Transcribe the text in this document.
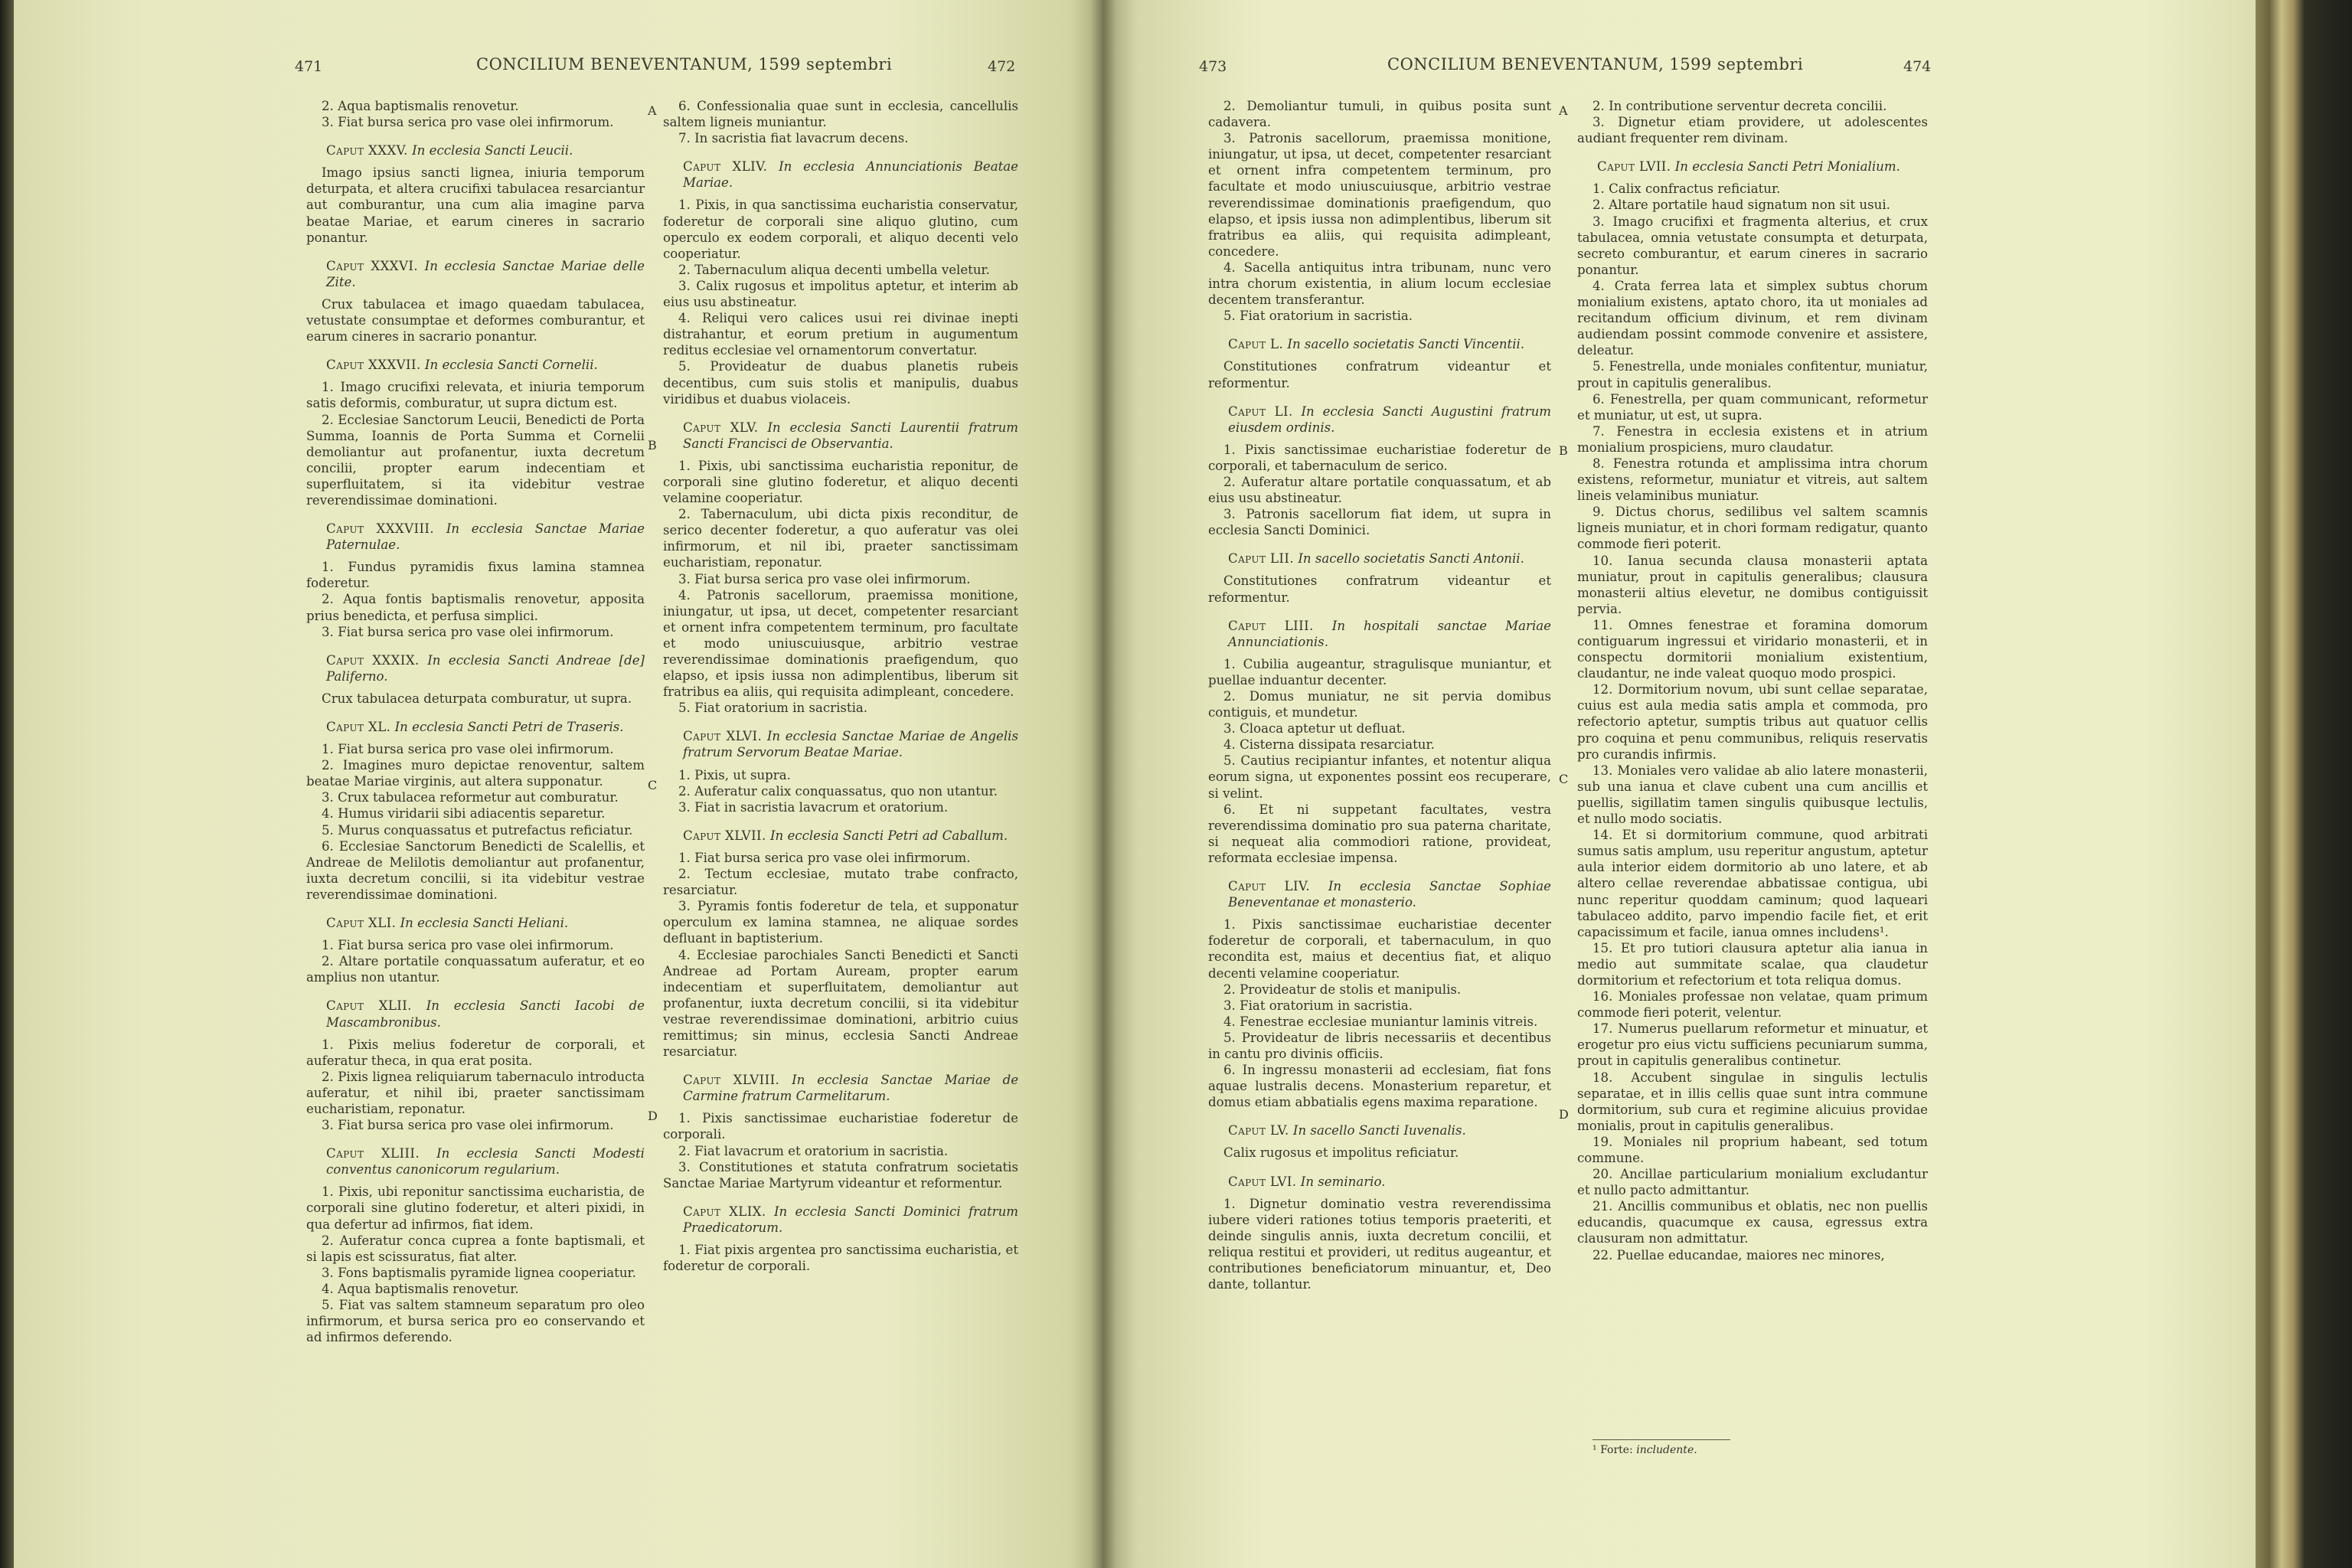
471	CONCILIUM BENEVENTANUM, 1599 septembri	472	473	CONCILIUM BENEVENTANUM, 1599 septembri	474
2. Aqua baptismalis renovetur.
3. Fiat bursa serica pro vase olei infirmorum.
Caput XXXV. In ecclesia Sancti Leucii.
Imago ipsius sancti lignea, iniuria temporum deturpata, et altera crucifixi tabulacea resarciantur aut comburantur, una cum alia imagine parva beatae Mariae, et earum cineres in sacrario ponantur.
Caput XXXVI. In ecclesia Sanctae Mariae delle Zite.
Crux tabulacea et imago quaedam tabulacea, vetustate consumptae et deformes comburantur, et earum cineres in sacrario ponantur.
Caput XXXVII. In ecclesia Sancti Cornelii.
1. Imago crucifixi relevata, et iniuria temporum satis deformis, comburatur, ut supra dictum est.
2. Ecclesiae Sanctorum Leucii, Benedicti de Porta Summa, Ioannis de Porta Summa et Cornelii demoliantur aut profanentur, iuxta decretum concilii, propter earum indecentiam et superfluitatem, si ita videbitur vestrae reverendissimae dominationi.
Caput XXXVIII. In ecclesia Sanctae Mariae Paternulae.
1. Fundus pyramidis fixus lamina stamnea foderetur.
2. Aqua fontis baptismalis renovetur, apposita prius benedicta, et perfusa simplici.
3. Fiat bursa serica pro vase olei infirmorum.
Caput XXXIX. In ecclesia Sancti Andreae [de] Paliferno.
Crux tabulacea deturpata comburatur, ut supra.
Caput XL. In ecclesia Sancti Petri de Traseris.
1. Fiat bursa serica pro vase olei infirmorum.
2. Imagines muro depictae renoventur, saltem beatae Mariae virginis, aut altera supponatur.
3. Crux tabulacea reformetur aut comburatur.
4. Humus viridarii sibi adiacentis separetur.
5. Murus conquassatus et putrefactus reficiatur.
6. Ecclesiae Sanctorum Benedicti de Scalellis, et Andreae de Melilotis demoliantur aut profanentur, iuxta decretum concilii, si ita videbitur vestrae reverendissimae dominationi.
Caput XLI. In ecclesia Sancti Heliani.
1. Fiat bursa serica pro vase olei infirmorum.
2. Altare portatile conquassatum auferatur, et eo amplius non utantur.
Caput XLII. In ecclesia Sancti Iacobi de Mascambronibus.
1. Pixis melius foderetur de corporali, et auferatur theca, in qua erat posita.
2. Pixis lignea reliquiarum tabernaculo introducta auferatur, et nihil ibi, praeter sanctissimam eucharistiam, reponatur.
3. Fiat bursa serica pro vase olei infirmorum.
Caput XLIII. In ecclesia Sancti Modesti conventus canonicorum regularium.
1. Pixis, ubi reponitur sanctissima eucharistia, de corporali sine glutino foderetur, et alteri pixidi, in qua defertur ad infirmos, fiat idem.
2. Auferatur conca cuprea a fonte baptismali, et si lapis est scissuratus, fiat alter.
3. Fons baptismalis pyramide lignea cooperiatur.
4. Aqua baptismalis renovetur.
5. Fiat vas saltem stamneum separatum pro oleo infirmorum, et bursa serica pro eo conservando et ad infirmos deferendo.
6. Confessionalia quae sunt in ecclesia, cancellulis saltem ligneis muniantur.
7. In sacristia fiat lavacrum decens.
Caput XLIV. In ecclesia Annunciationis Beatae Mariae.
1. Pixis, in qua sanctissima eucharistia conservatur, foderetur de corporali sine aliquo glutino, cum operculo ex eodem corporali, et aliquo decenti velo cooperiatur.
2. Tabernaculum aliqua decenti umbella veletur.
3. Calix rugosus et impolitus aptetur, et interim ab eius usu abstineatur.
4. Reliqui vero calices usui rei divinae inepti distrahantur, et eorum pretium in augumentum reditus ecclesiae vel ornamentorum convertatur.
5. Provideatur de duabus planetis rubeis decentibus, cum suis stolis et manipulis, duabus viridibus et duabus violaceis.
Caput XLV. In ecclesia Sancti Laurentii fratrum Sancti Francisci de Observantia.
1. Pixis, ubi sanctissima eucharistia reponitur, de corporali sine glutino foderetur, et aliquo decenti velamine cooperiatur.
2. Tabernaculum, ubi dicta pixis reconditur, de serico decenter foderetur, a quo auferatur vas olei infirmorum, et nil ibi, praeter sanctissimam eucharistiam, reponatur.
3. Fiat bursa serica pro vase olei infirmorum.
4. Patronis sacellorum, praemissa monitione, iniungatur, ut ipsa, ut decet, competenter resarciant et ornent infra competentem terminum, pro facultate et modo uniuscuiusque, arbitrio vestrae reverendissimae dominationis praefigendum, quo elapso, et ipsis iussa non adimplentibus, liberum sit fratribus ea aliis, qui requisita adimpleant, concedere.
5. Fiat oratorium in sacristia.
Caput XLVI. In ecclesia Sanctae Mariae de Angelis fratrum Servorum Beatae Mariae.
1. Pixis, ut supra.
2. Auferatur calix conquassatus, quo non utantur.
3. Fiat in sacristia lavacrum et oratorium.
Caput XLVII. In ecclesia Sancti Petri ad Caballum.
1. Fiat bursa serica pro vase olei infirmorum.
2. Tectum ecclesiae, mutato trabe confracto, resarciatur.
3. Pyramis fontis foderetur de tela, et supponatur operculum ex lamina stamnea, ne aliquae sordes defluant in baptisterium.
4. Ecclesiae parochiales Sancti Benedicti et Sancti Andreae ad Portam Auream, propter earum indecentiam et superfluitatem, demoliantur aut profanentur, iuxta decretum concilii, si ita videbitur vestrae reverendissimae dominationi, arbitrio cuius remittimus; sin minus, ecclesia Sancti Andreae resarciatur.
Caput XLVIII. In ecclesia Sanctae Mariae de Carmine fratrum Carmelitarum.
1. Pixis sanctissimae eucharistiae foderetur de corporali.
2. Fiat lavacrum et oratorium in sacristia.
3. Constitutiones et statuta confratrum societatis Sanctae Mariae Martyrum videantur et reformentur.
Caput XLIX. In ecclesia Sancti Dominici fratrum Praedicatorum.
1. Fiat pixis argentea pro sanctissima eucharistia, et foderetur de corporali.
2. Demoliantur tumuli, in quibus posita sunt cadavera.
3. Patronis sacellorum, praemissa monitione, iniungatur, ut ipsa, ut decet, competenter resarciant et ornent infra competentem terminum, pro facultate et modo uniuscuiusque, arbitrio vestrae reverendissimae dominationis praefigendum, quo elapso, et ipsis iussa non adimplentibus, liberum sit fratribus ea aliis, qui requisita adimpleant, concedere.
4. Sacella antiquitus intra tribunam, nunc vero intra chorum existentia, in alium locum ecclesiae decentem transferantur.
5. Fiat oratorium in sacristia.
Caput L. In sacello societatis Sancti Vincentii.
Constitutiones confratrum videantur et reformentur.
Caput LI. In ecclesia Sancti Augustini fratrum eiusdem ordinis.
1. Pixis sanctissimae eucharistiae foderetur de corporali, et tabernaculum de serico.
2. Auferatur altare portatile conquassatum, et ab eius usu abstineatur.
3. Patronis sacellorum fiat idem, ut supra in ecclesia Sancti Dominici.
Caput LII. In sacello societatis Sancti Antonii.
Constitutiones confratrum videantur et reformentur.
Caput LIII. In hospitali sanctae Mariae Annunciationis.
1. Cubilia augeantur, stragulisque muniantur, et puellae induantur decenter.
2. Domus muniatur, ne sit pervia domibus contiguis, et mundetur.
3. Cloaca aptetur ut defluat.
4. Cisterna dissipata resarciatur.
5. Cautius recipiantur infantes, et notentur aliqua eorum signa, ut exponentes possint eos recuperare, si velint.
6. Et ni suppetant facultates, vestra reverendissima dominatio pro sua paterna charitate, si nequeat alia commodiori ratione, provideat, reformata ecclesiae impensa.
Caput LIV. In ecclesia Sanctae Sophiae Beneventanae et monasterio.
1. Pixis sanctissimae eucharistiae decenter foderetur de corporali, et tabernaculum, in quo recondita est, maius et decentius fiat, et aliquo decenti velamine cooperiatur.
2. Provideatur de stolis et manipulis.
3. Fiat oratorium in sacristia.
4. Fenestrae ecclesiae muniantur laminis vitreis.
5. Provideatur de libris necessariis et decentibus in cantu pro divinis officiis.
6. In ingressu monasterii ad ecclesiam, fiat fons aquae lustralis decens. Monasterium reparetur, et domus etiam abbatialis egens maxima reparatione.
Caput LV. In sacello Sancti Iuvenalis.
Calix rugosus et impolitus reficiatur.
Caput LVI. In seminario.
1. Dignetur dominatio vestra reverendissima iubere videri rationes totius temporis praeteriti, et deinde singulis annis, iuxta decretum concilii, et reliqua restitui et provideri, ut reditus augeantur, et contributiones beneficiatorum minuantur, et, Deo dante, tollantur.
2. In contributione serventur decreta concilii.
3. Dignetur etiam providere, ut adolescentes audiant frequenter rem divinam.
Caput LVII. In ecclesia Sancti Petri Monialium.
1. Calix confractus reficiatur.
2. Altare portatile haud signatum non sit usui.
3. Imago crucifixi et fragmenta alterius, et crux tabulacea, omnia vetustate consumpta et deturpata, secreto comburantur, et earum cineres in sacrario ponantur.
4. Crata ferrea lata et simplex subtus chorum monialium existens, aptato choro, ita ut moniales ad recitandum officium divinum, et rem divinam audiendam possint commode convenire et assistere, deleatur.
5. Fenestrella, unde moniales confitentur, muniatur, prout in capitulis generalibus.
6. Fenestrella, per quam communicant, reformetur et muniatur, ut est, ut supra.
7. Fenestra in ecclesia existens et in atrium monialium prospiciens, muro claudatur.
8. Fenestra rotunda et amplissima intra chorum existens, reformetur, muniatur et vitreis, aut saltem lineis velaminibus muniatur.
9. Dictus chorus, sedilibus vel saltem scamnis ligneis muniatur, et in chori formam redigatur, quanto commode fieri poterit.
10. Ianua secunda clausa monasterii aptata muniatur, prout in capitulis generalibus; clausura monasterii altius elevetur, ne domibus contiguissit pervia.
11. Omnes fenestrae et foramina domorum contiguarum ingressui et viridario monasterii, et in conspectu dormitorii monialium existentium, claudantur, ne inde valeat quoquo modo prospici.
12. Dormitorium novum, ubi sunt cellae separatae, cuius est aula media satis ampla et commoda, pro refectorio aptetur, sumptis tribus aut quatuor cellis pro coquina et penu communibus, reliquis reservatis pro curandis infirmis.
13. Moniales vero validae ab alio latere monasterii, sub una ianua et clave cubent una cum ancillis et puellis, sigillatim tamen singulis quibusque lectulis, et nullo modo sociatis.
14. Et si dormitorium commune, quod arbitrati sumus satis amplum, usu reperitur angustum, aptetur aula interior eidem dormitorio ab uno latere, et ab altero cellae reverendae abbatissae contigua, ubi nunc reperitur quoddam caminum; quod laqueari tabulaceo addito, parvo impendio facile fiet, et erit capacissimum et facile, ianua omnes includens¹.
15. Et pro tutiori clausura aptetur alia ianua in medio aut summitate scalae, qua claudetur dormitorium et refectorium et tota reliqua domus.
16. Moniales professae non velatae, quam primum commode fieri poterit, velentur.
17. Numerus puellarum reformetur et minuatur, et erogetur pro eius victu sufficiens pecuniarum summa, prout in capitulis generalibus continetur.
18. Accubent singulae in singulis lectulis separatae, et in illis cellis quae sunt intra commune dormitorium, sub cura et regimine alicuius providae monialis, prout in capitulis generalibus.
19. Moniales nil proprium habeant, sed totum commune.
20. Ancillae particularium monialium excludantur et nullo pacto admittantur.
21. Ancillis communibus et oblatis, nec non puellis educandis, quacumque ex causa, egressus extra clausuram non admittatur.
22. Puellae educandae, maiores nec minores,
A
B
C
D
A
B
C
D
¹ Forte: includente.
